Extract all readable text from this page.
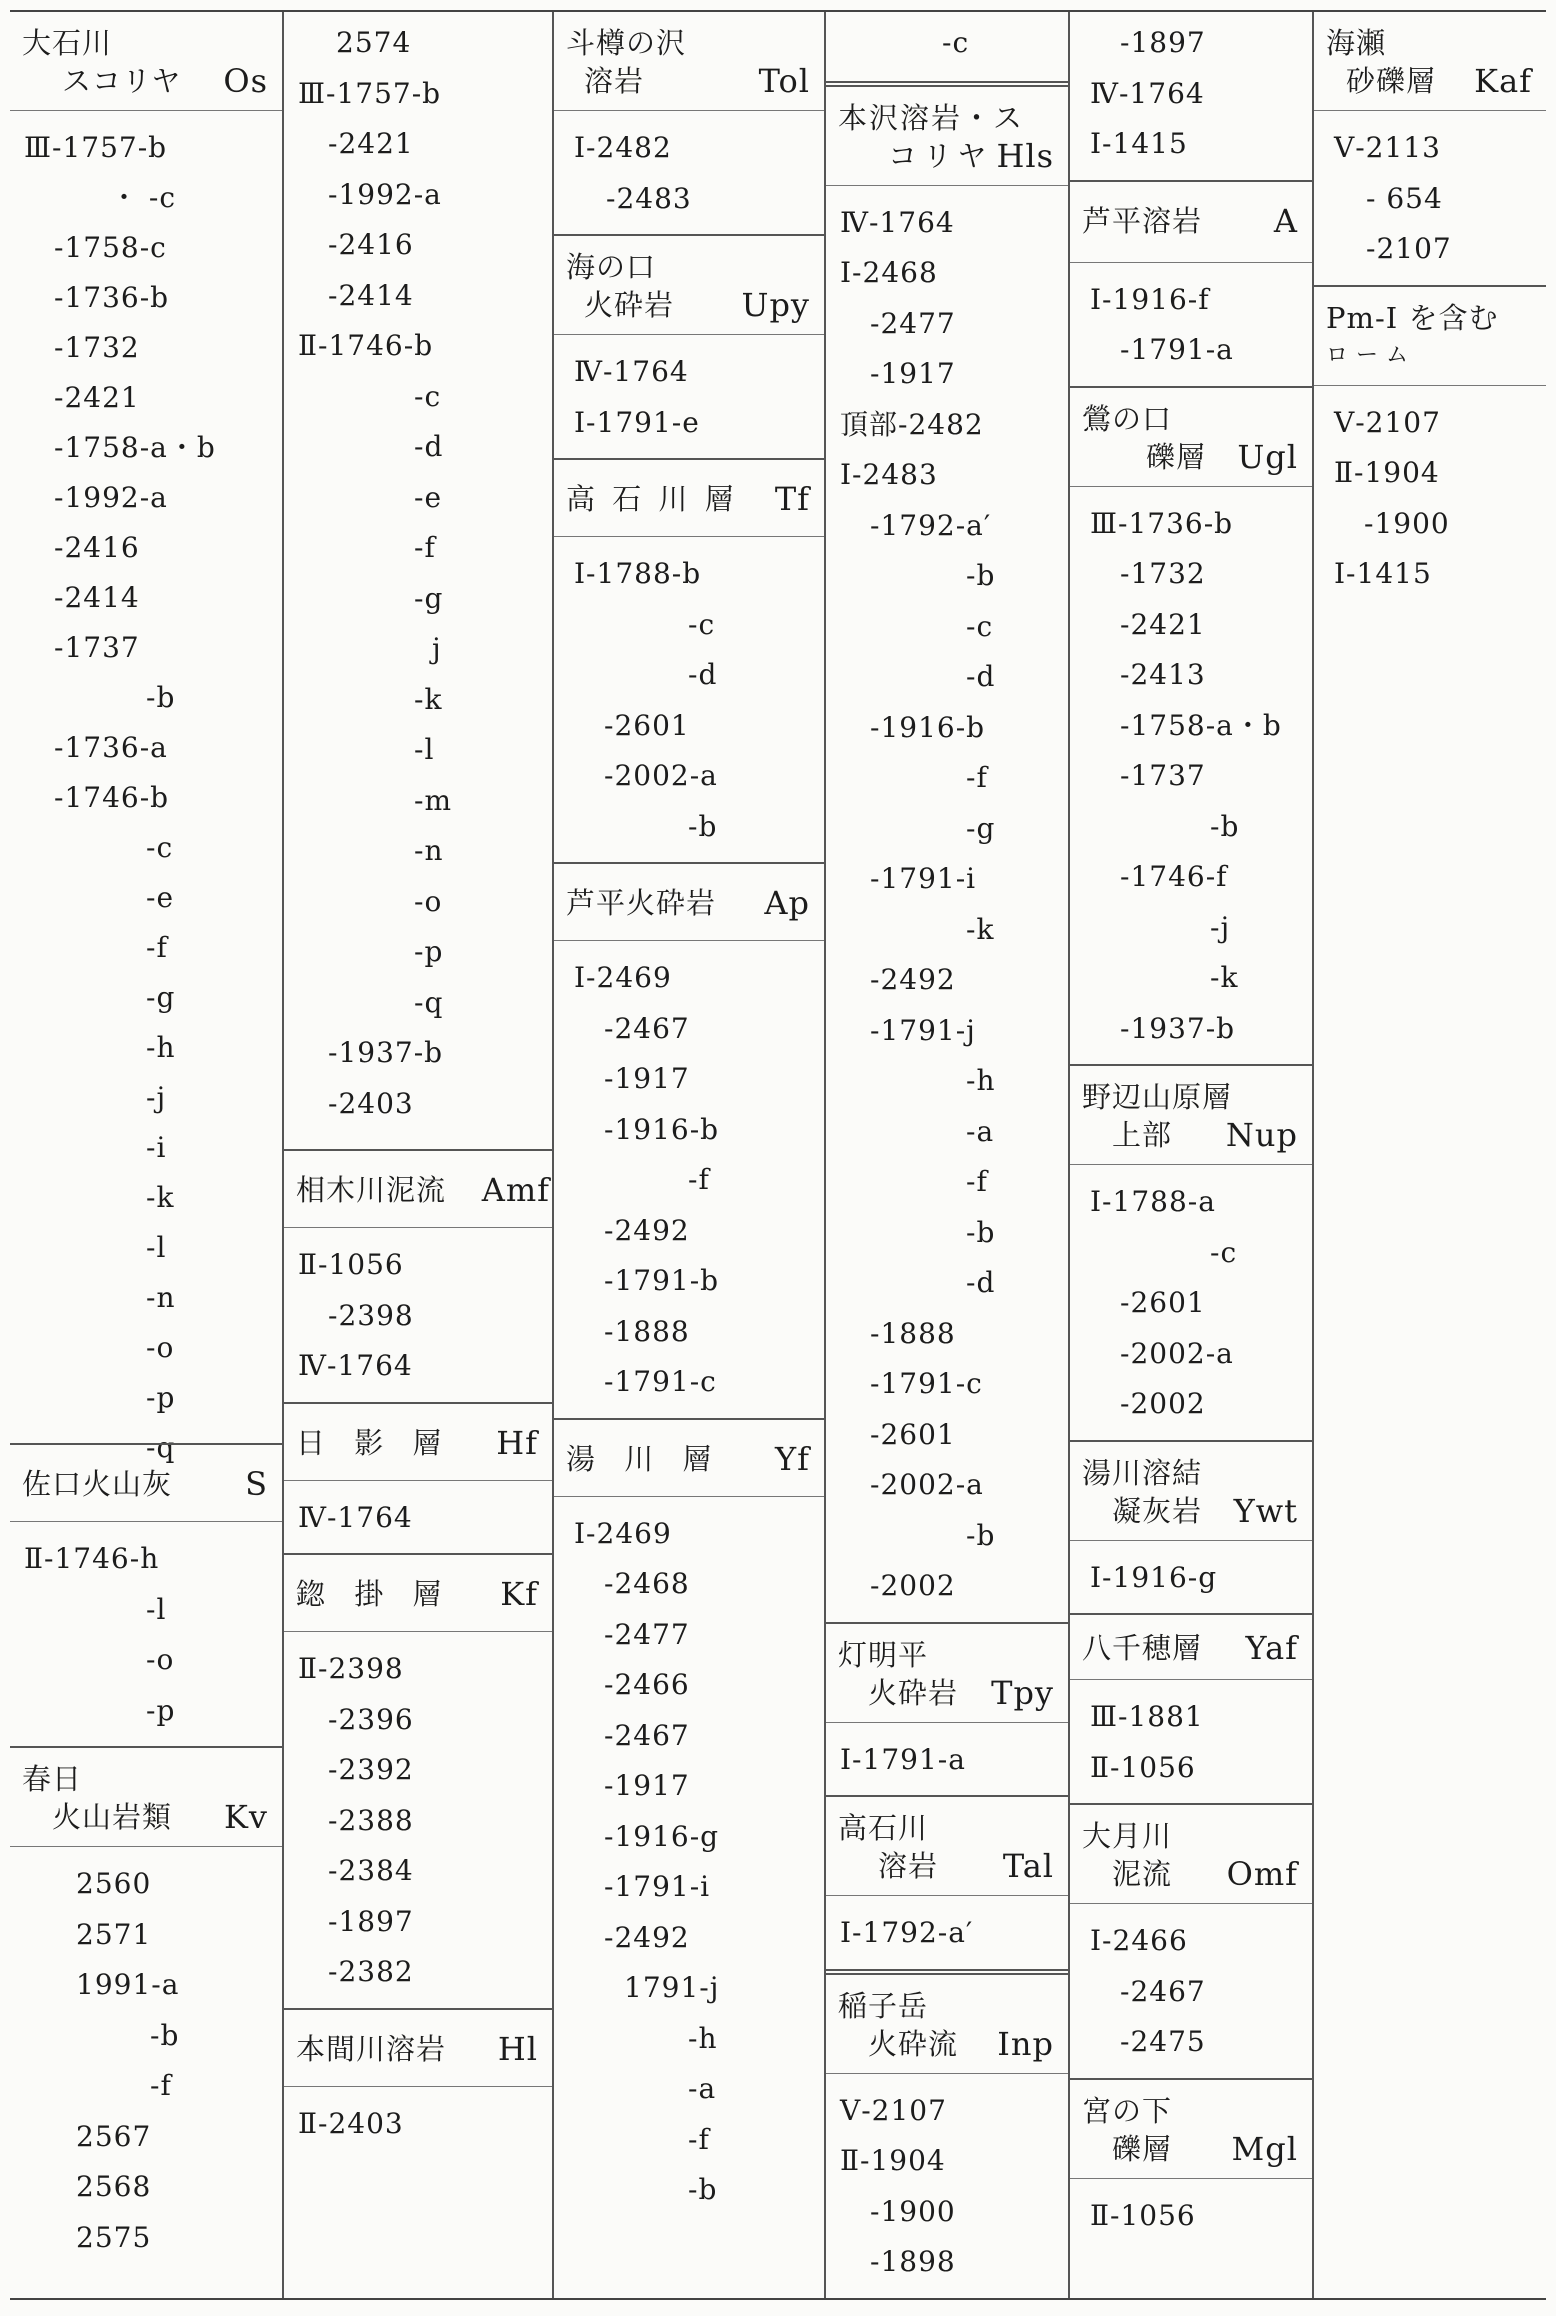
大石川
スコリヤ	Os
Ⅲ-1757-b
・ -c
-1758-c
-1736-b
-1732
-2421
-1758-a・b
-1992-a
-2416
-2414
-1737
-b
-1736-a
-1746-b
-c
-e
-f
-g
-h
-j
-i
-k
-l
-n
-o
-p
-q
佐口火山灰	S
Ⅱ-1746-h
-l
-o
-p
春日
火山岩類	Kv
2560
2571
1991-a
-b
-f
2567
2568
2575
2574
Ⅲ-1757-b
-2421
-1992-a
-2416
-2414
Ⅱ-1746-b
-c
-d
-e
-f
-g
j
-k
-l
-m
-n
-o
-p
-q
-1937-b
-2403
相木川泥流	Amf
Ⅱ-1056
-2398
Ⅳ-1764
日 影 層	Hf
Ⅳ-1764
鍃 掛 層	Kf
Ⅱ-2398
-2396
-2392
-2388
-2384
-1897
-2382
本間川溶岩	Hl
Ⅱ-2403
斗樽の沢
溶岩	Tol
Ⅰ-2482
-2483
海の口
火砕岩	Upy
Ⅳ-1764
Ⅰ-1791-e
高 石 川 層	Tf
Ⅰ-1788-b
-c
-d
-2601
-2002-a
-b
芦平火砕岩	Ap
Ⅰ-2469
-2467
-1917
-1916-b
-f
-2492
-1791-b
-1888
-1791-c
湯 川 層	Yf
Ⅰ-2469
-2468
-2477
-2466
-2467
-1917
-1916-g
-1791-i
-2492
1791-j
-h
-a
-f
-b
-c
本沢溶岩・ス
コリヤ Hls
Ⅳ-1764
Ⅰ-2468
-2477
-1917
頂部-2482
Ⅰ-2483
-1792-a′
-b
-c
-d
-1916-b
-f
-g
-1791-i
-k
-2492
-1791-j
-h
-a
-f
-b
-d
-1888
-1791-c
-2601
-2002-a
-b
-2002
灯明平
火砕岩	Tpy
Ⅰ-1791-a
高石川
溶岩	Tal
Ⅰ-1792-a′
稲子岳
火砕流	Inp
Ⅴ-2107
Ⅱ-1904
-1900
-1898
-1897
Ⅳ-1764
Ⅰ-1415
芦平溶岩	A
Ⅰ-1916-f
-1791-a
鶯の口
礫層 Ugl
Ⅲ-1736-b
-1732
-2421
-2413
-1758-a・b
-1737
-b
-1746-f
-j
-k
-1937-b
野辺山原層
上部	Nup
Ⅰ-1788-a
-c
-2601
-2002-a
-2002
湯川溶結
凝灰岩 Ywt
Ⅰ-1916-g
八千穂層	Yaf
Ⅲ-1881
Ⅱ-1056
大月川
泥流	Omf
Ⅰ-2466
-2467
-2475
宮の下
礫層	Mgl
Ⅱ-1056
海瀬
砂礫層	Kaf
Ⅴ-2113
- 654
-2107
Pm-I を含む
ローム
Ⅴ-2107
Ⅱ-1904
-1900
Ⅰ-1415
